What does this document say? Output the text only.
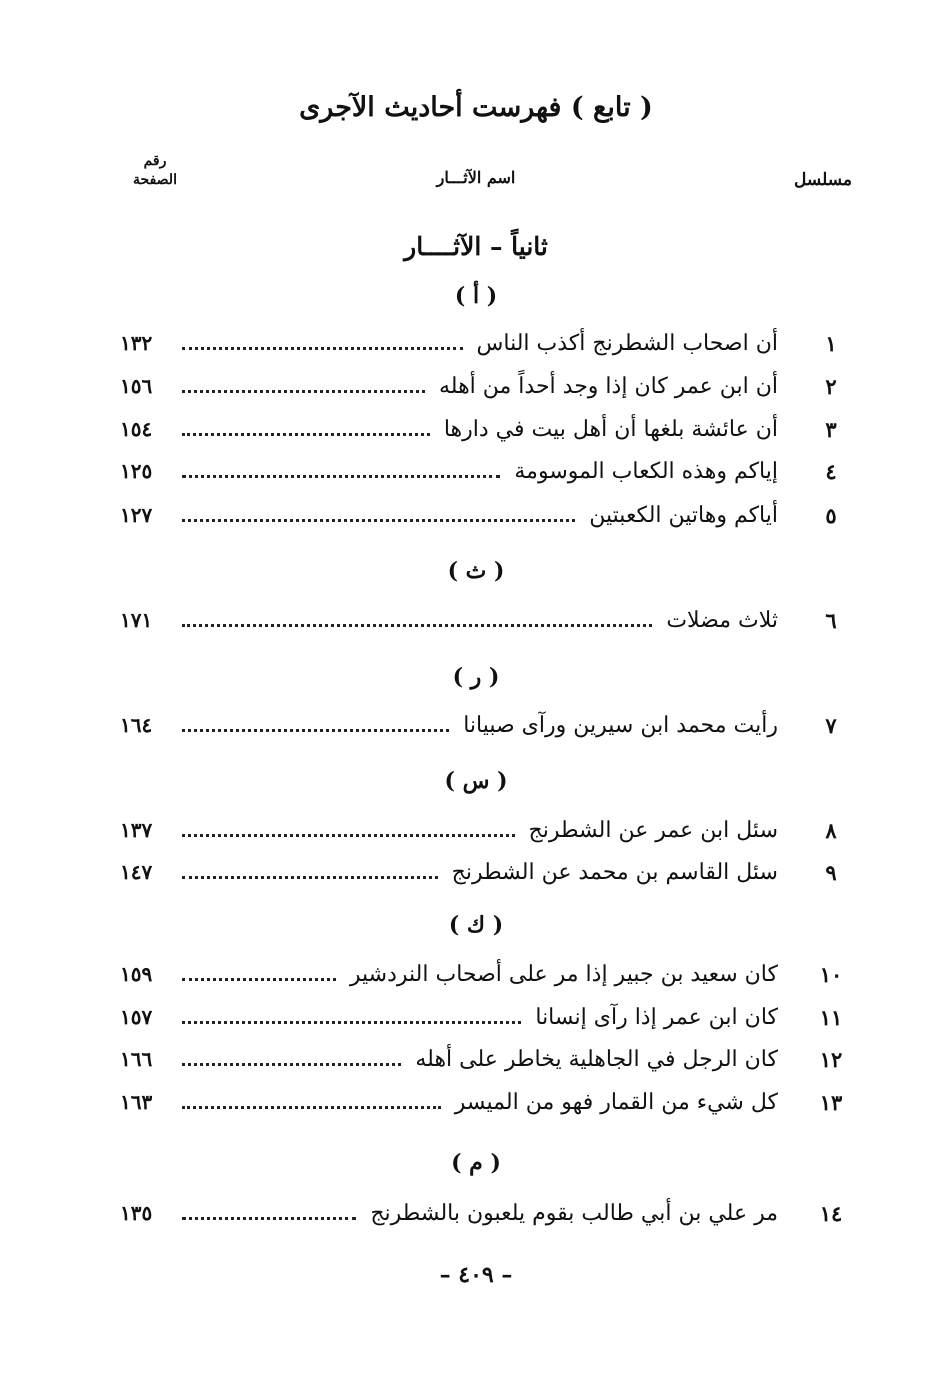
( تابع ) فهرست أحاديث الآجرى
مسلسل
اسم الآثـــار
رقم
الصفحة
ثانياً – الآثــــار
( أ )
١
أن اصحاب الشطرنج أكذب الناس
١٣٢
٢
أن ابن عمر كان إذا وجد أحداً من أهله
١٥٦
٣
أن عائشة بلغها أن أهل بيت في دارها
١٥٤
٤
إياكم وهذه الكعاب الموسومة
١٢٥
٥
أياكم وهاتين الكعبتين
١٢٧
( ث )
٦
ثلاث مضلات
١٧١
( ر )
٧
رأيت محمد ابن سيرين ورآى صبيانا
١٦٤
( س )
٨
سئل ابن عمر عن الشطرنج
١٣٧
٩
سئل القاسم بن محمد عن الشطرنج
١٤٧
( ك )
١٠
كان سعيد بن جبير إذا مر على أصحاب النردشير
١٥٩
١١
كان ابن عمر إذا رآى إنسانا
١٥٧
١٢
كان الرجل في الجاهلية يخاطر على أهله
١٦٦
١٣
كل شيء من القمار فهو من الميسر
١٦٣
( م )
١٤
مر علي بن أبي طالب بقوم يلعبون بالشطرنج
١٣٥
– ٤٠٩ –
